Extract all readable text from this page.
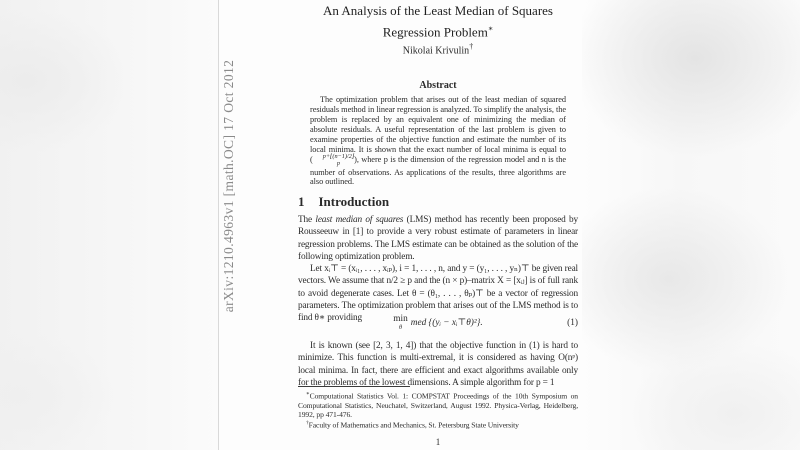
arXiv:1210.4963v1 [math.OC] 17 Oct 2012
An Analysis of the Least Median of Squares
Regression Problem∗
Nikolai Krivulin†
Abstract

The optimization problem that arises out of the least median of squared residuals method in linear regression is analyzed. To simplify the analysis, the problem is replaced by an equivalent one of minimizing the median of absolute residuals. A useful representation of the last problem is given to examine properties of the objective function and estimate the number of its local minima. It is shown that the exact number of local minima is equal to (	p+⌊(n−1)/2⌋
p	), where p is the dimension of the regression model and n is the number of observations. As applications of the results, three algorithms are also outlined.

1 Introduction

The least median of squares (LMS) method has recently been proposed by Rousseeuw in [1] to provide a very robust estimate of parameters in linear regression problems. The LMS estimate can be obtained as the solution of the following optimization problem.

Let xᵢ⊤ = (xᵢ₁, . . . , xᵢₚ), i = 1, . . . , n, and y = (y₁, . . . , yₙ)⊤ be given real vectors. We assume that n/2 ≥ p and the (n × p)–matrix X = [xᵢⱼ] is of full rank to avoid degenerate cases. Let θ = (θ₁, . . . , θₚ)⊤ be a vector of regression parameters. The optimization problem that arises out of the LMS method is to find θ∗ providing	min
θ med {(yᵢ − xᵢ⊤θ)²}.	(1)

It is known (see [2, 3, 1, 4]) that the objective function in (1) is hard to minimize. This function is multi-extremal, it is considered as having O(nᵖ) local minima. In fact, there are efficient and exact algorithms available only for the problems of the lowest dimensions. A simple algorithm for p = 1

∗Computational Statistics Vol. 1: COMPSTAT Proceedings of the 10th Symposium on Computational Statistics, Neuchatel, Switzerland, August 1992. Physica-Verlag, Heidelberg, 1992, pp 471-476.

†Faculty of Mathematics and Mechanics, St. Petersburg State University

1
